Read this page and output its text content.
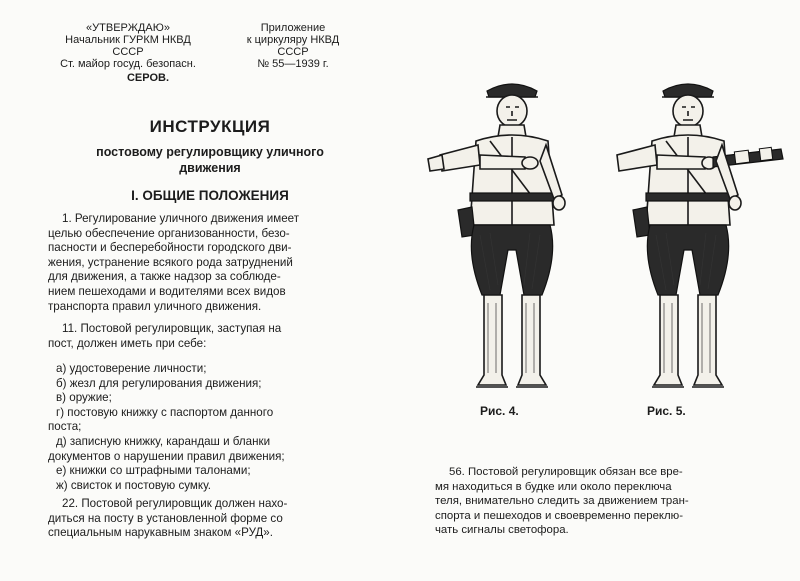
«УТВЕРЖДАЮ»
Начальник ГУРКМ НКВД
СССР
Ст. майор госуд. безопасн.
СЕРОВ.
Приложение
к циркуляру НКВД
СССР
№ 55—1939 г.
ИНСТРУКЦИЯ
постовому регулировщику уличного
движения
I. ОБЩИЕ ПОЛОЖЕНИЯ
1. Регулирование уличного движения имеет
целью обеспечение организованности, безо-
пасности и бесперебойности городского дви-
жения, устранение всякого рода затруднений
для движения, а также надзор за соблюде-
нием пешеходами и водителями всех видов
транспорта правил уличного движения.
11. Постовой регулировщик, заступая на
пост, должен иметь при себе:
а) удостоверение личности;
б) жезл для регулирования движения;
в) оружие;
г) постовую книжку с паспортом данного
поста;
д) записную книжку, карандаш и бланки
документов о нарушении правил движения;
е) книжки со штрафными талонами;
ж) свисток и постовую сумку.
22. Постовой регулировщик должен нахо-
диться на посту в установленной форме со
специальным нарукавным знаком «РУД».
Рис. 4.	Рис. 5.
56. Постовой регулировщик обязан все вре-
мя находиться в будке или около переключа
теля, внимательно следить за движением тран-
спорта и пешеходов и своевременно переклю-
чать сигналы светофора.
